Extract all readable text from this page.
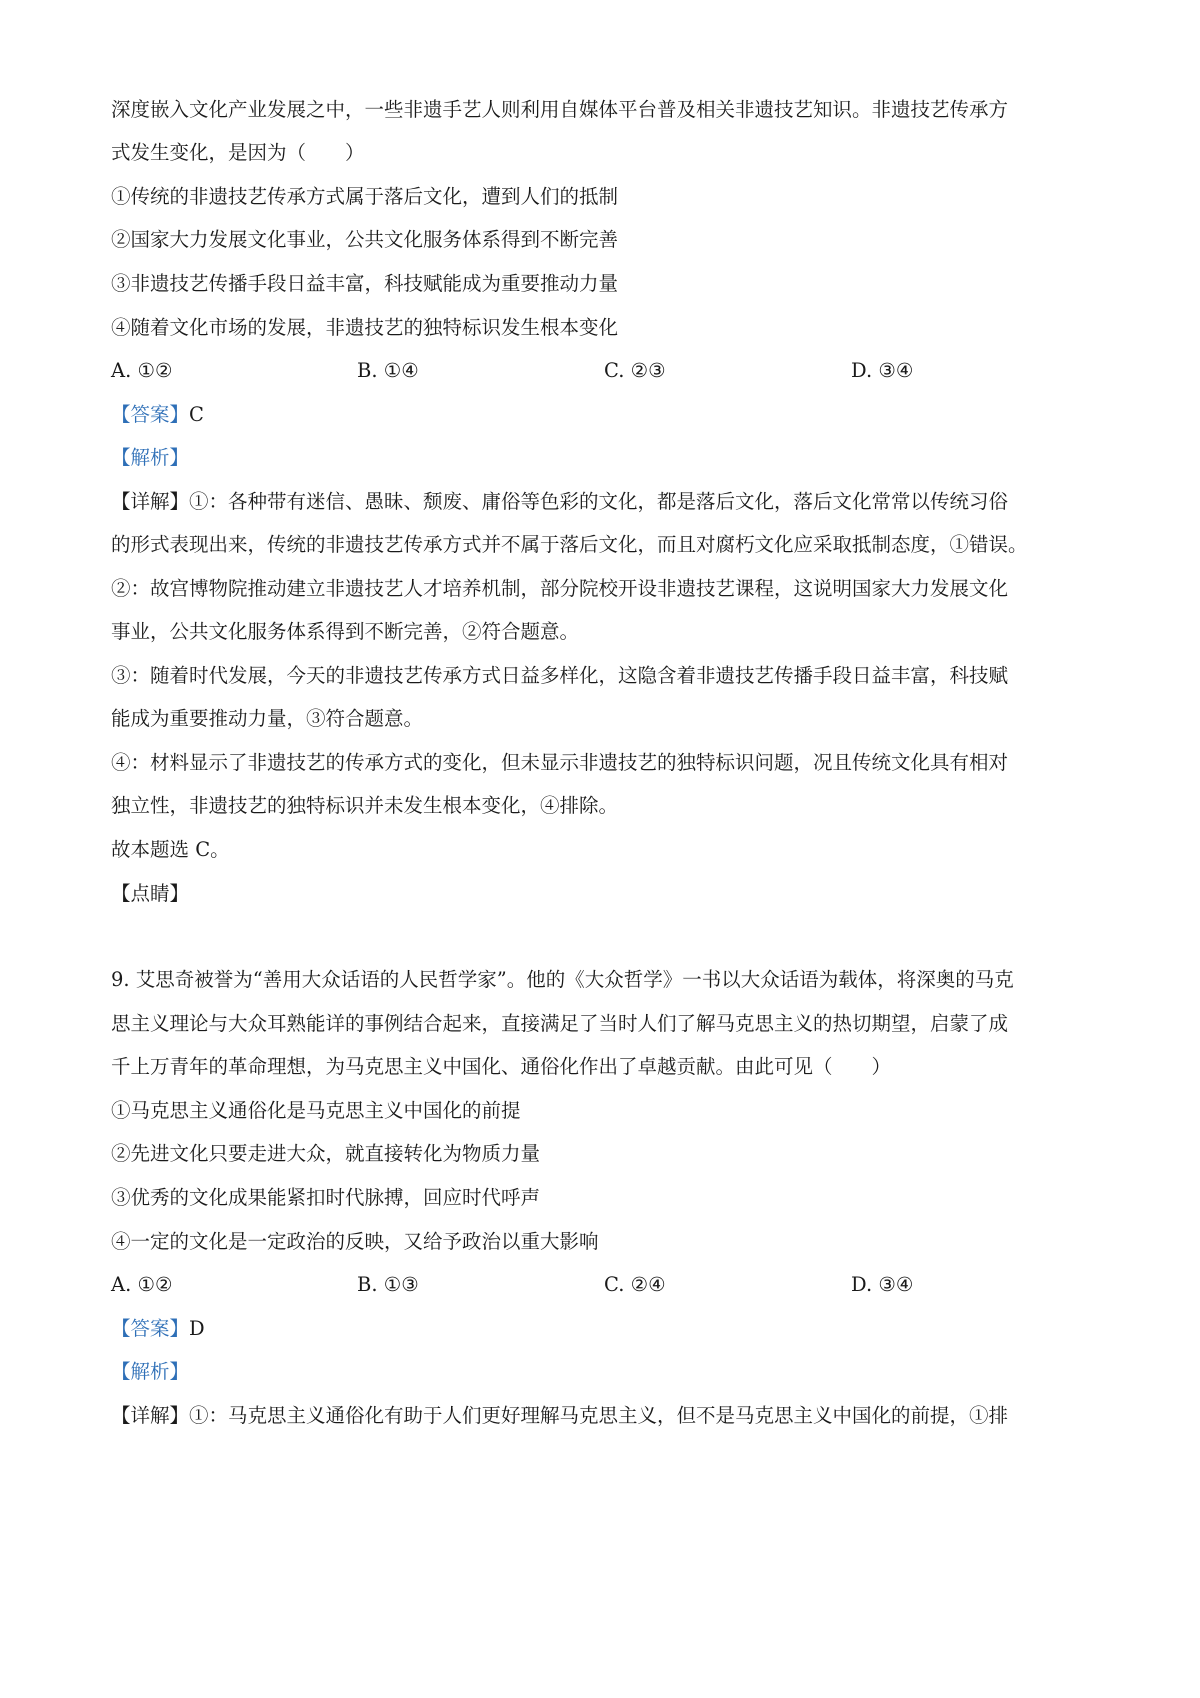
深度嵌入文化产业发展之中，一些非遗手艺人则利用自媒体平台普及相关非遗技艺知识。非遗技艺传承方
式发生变化，是因为（　　）
①传统的非遗技艺传承方式属于落后文化，遭到人们的抵制
②国家大力发展文化事业，公共文化服务体系得到不断完善
③非遗技艺传播手段日益丰富，科技赋能成为重要推动力量
④随着文化市场的发展，非遗技艺的独特标识发生根本变化
A. ①②	B. ①④	C. ②③	D. ③④
【答案】C
【解析】
【详解】①：各种带有迷信、愚昧、颓废、庸俗等色彩的文化，都是落后文化，落后文化常常以传统习俗
的形式表现出来，传统的非遗技艺传承方式并不属于落后文化，而且对腐朽文化应采取抵制态度，①错误。
②：故宫博物院推动建立非遗技艺人才培养机制，部分院校开设非遗技艺课程，这说明国家大力发展文化
事业，公共文化服务体系得到不断完善，②符合题意。
③：随着时代发展，今天的非遗技艺传承方式日益多样化，这隐含着非遗技艺传播手段日益丰富，科技赋
能成为重要推动力量，③符合题意。
④：材料显示了非遗技艺的传承方式的变化，但未显示非遗技艺的独特标识问题，况且传统文化具有相对
独立性，非遗技艺的独特标识并未发生根本变化，④排除。
故本题选 C。
【点睛】
9. 艾思奇被誉为“善用大众话语的人民哲学家”。他的《大众哲学》一书以大众话语为载体，将深奥的马克
思主义理论与大众耳熟能详的事例结合起来，直接满足了当时人们了解马克思主义的热切期望，启蒙了成
千上万青年的革命理想，为马克思主义中国化、通俗化作出了卓越贡献。由此可见（　　）
①马克思主义通俗化是马克思主义中国化的前提
②先进文化只要走进大众，就直接转化为物质力量
③优秀的文化成果能紧扣时代脉搏，回应时代呼声
④一定的文化是一定政治的反映，又给予政治以重大影响
A. ①②	B. ①③	C. ②④	D. ③④
【答案】D
【解析】
【详解】①：马克思主义通俗化有助于人们更好理解马克思主义，但不是马克思主义中国化的前提，①排
